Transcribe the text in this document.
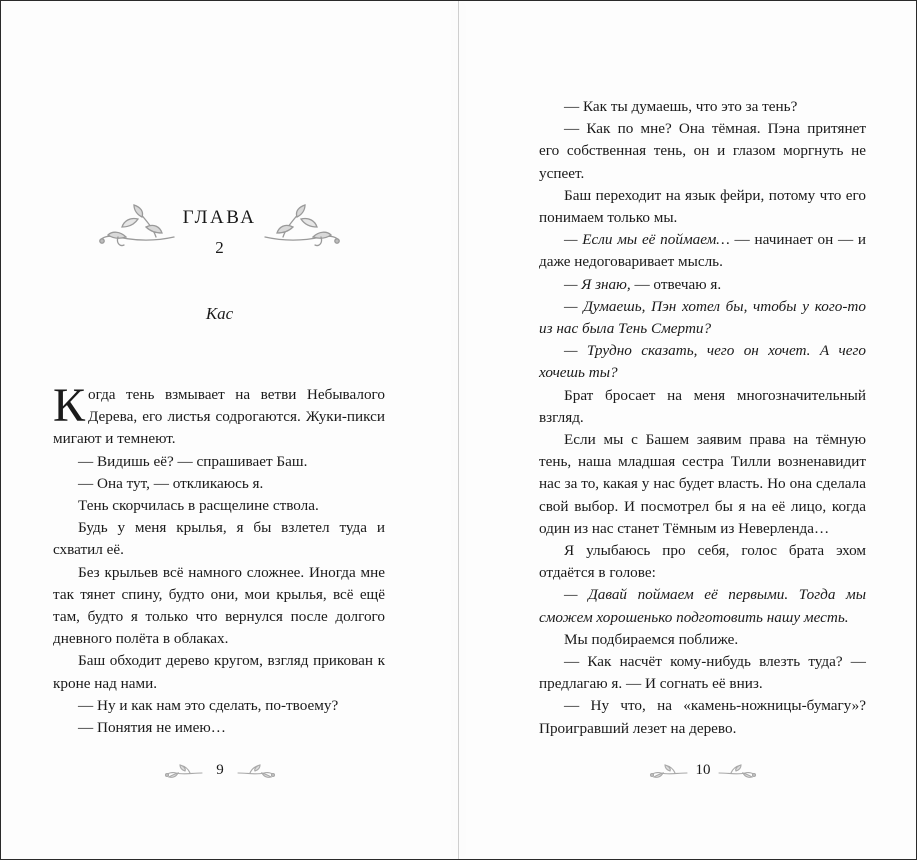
ГЛАВА
2
Кас

Когда тень взмывает на ветви Небывалого Дерева, его листья содрогаются. Жуки-пикси мигают и темнеют.

— Видишь её? — спрашивает Баш.

— Она тут, — откликаюсь я.

Тень скорчилась в расщелине ствола.

Будь у меня крылья, я бы взлетел туда и схватил её.

Без крыльев всё намного сложнее. Иногда мне так тянет спину, будто они, мои крылья, всё ещё там, будто я только что вернулся после долгого дневного полёта в облаках.

Баш обходит дерево кругом, взгляд прикован к кроне над нами.

— Ну и как нам это сделать, по-твоему?

— Понятия не имею…

9

— Как ты думаешь, что это за тень?

— Как по мне? Она тёмная. Пэна притянет его собственная тень, он и глазом моргнуть не успеет.

Баш переходит на язык фейри, потому что его понимаем только мы.

— Если мы её поймаем… — начинает он — и даже недоговаривает мысль.

— Я знаю, — отвечаю я.

— Думаешь, Пэн хотел бы, чтобы у кого-то из нас была Тень Смерти?

— Трудно сказать, чего он хочет. А чего хочешь ты?

Брат бросает на меня многозначительный взгляд.

Если мы с Башем заявим права на тёмную тень, наша младшая сестра Тилли возненавидит нас за то, какая у нас будет власть. Но она сделала свой выбор. И посмотрел бы я на её лицо, когда один из нас станет Тёмным из Неверленда…

Я улыбаюсь про себя, голос брата эхом отдаётся в голове:

— Давай поймаем её первыми. Тогда мы сможем хорошенько подготовить нашу месть.

Мы подбираемся поближе.

— Как насчёт кому-нибудь влезть туда? — предлагаю я. — И согнать её вниз.

— Ну что, на «камень-ножницы-бумагу»? Проигравший лезет на дерево.

10
